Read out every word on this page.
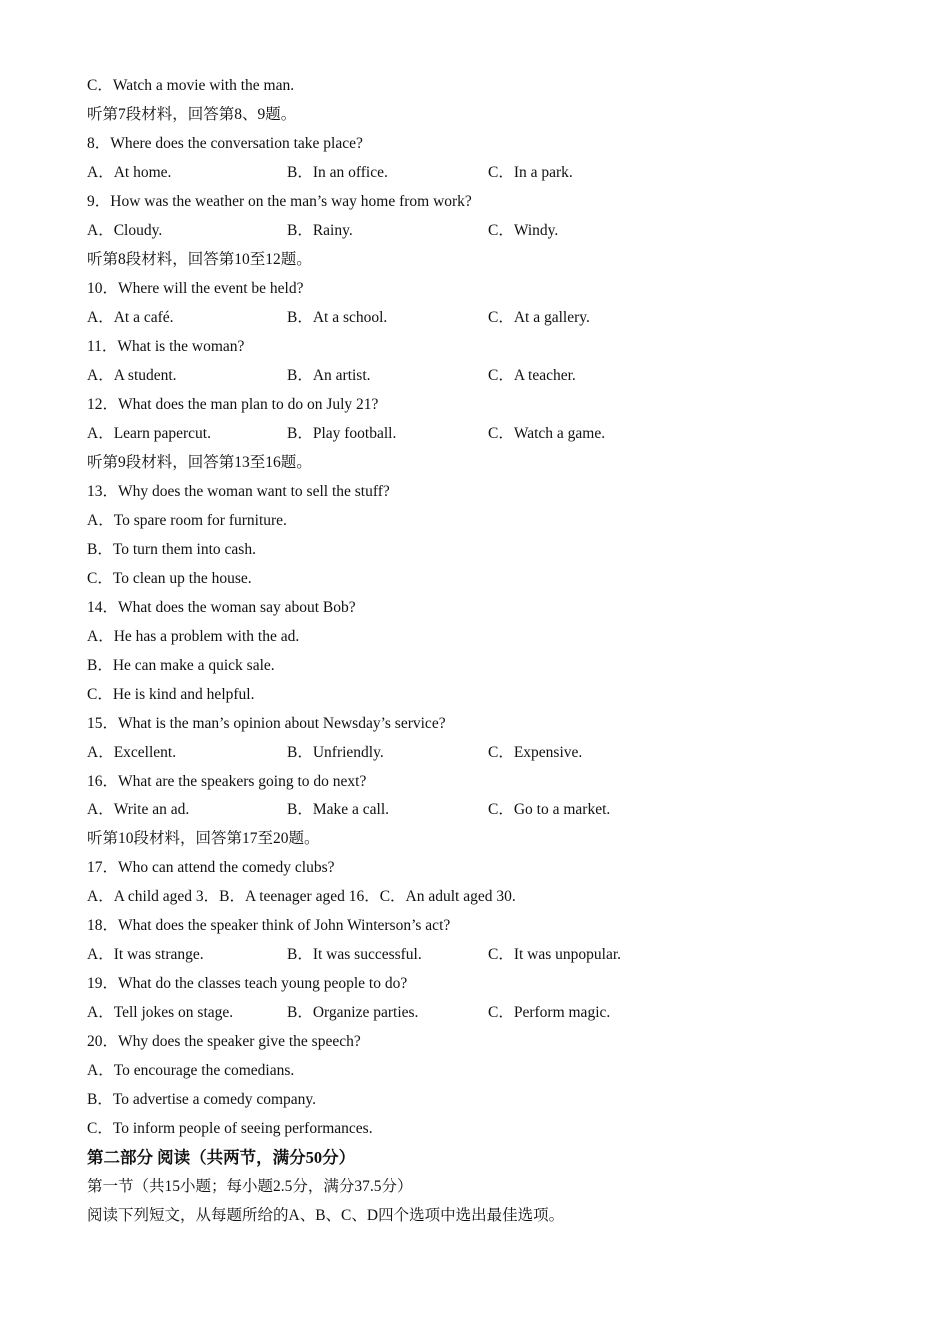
C．Watch a movie with the man.
听第7段材料，回答第8、9题。
8．Where does the conversation take place?
A．At home.	B．In an office.	C．In a park.
9．How was the weather on the man’s way home from work?
A．Cloudy.	B．Rainy.	C．Windy.
听第8段材料，回答第10至12题。
10．Where will the event be held?
A．At a café.	B．At a school.	C．At a gallery.
11．What is the woman?
A．A student.	B．An artist.	C．A teacher.
12．What does the man plan to do on July 21?
A．Learn papercut.	B．Play football.	C．Watch a game.
听第9段材料，回答第13至16题。
13．Why does the woman want to sell the stuff?
A．To spare room for furniture.
B．To turn them into cash.
C．To clean up the house.
14．What does the woman say about Bob?
A．He has a problem with the ad.
B．He can make a quick sale.
C．He is kind and helpful.
15．What is the man’s opinion about Newsday’s service?
A．Excellent.	B．Unfriendly.	C．Expensive.
16．What are the speakers going to do next?
A．Write an ad.	B．Make a call.	C．Go to a market.
听第10段材料，回答第17至20题。
17．Who can attend the comedy clubs?
A．A child aged 3．B．A teenager aged 16．C．An adult aged 30.
18．What does the speaker think of John Winterson’s act?
A．It was strange.	B．It was successful.	C．It was unpopular.
19．What do the classes teach young people to do?
A．Tell jokes on stage.	B．Organize parties.	C．Perform magic.
20．Why does the speaker give the speech?
A．To encourage the comedians.
B．To advertise a comedy company.
C．To inform people of seeing performances.
第二部分 阅读（共两节，满分50分）
第一节（共15小题；每小题2.5分，满分37.5分）
阅读下列短文，从每题所给的A、B、C、D四个选项中选出最佳选项。
